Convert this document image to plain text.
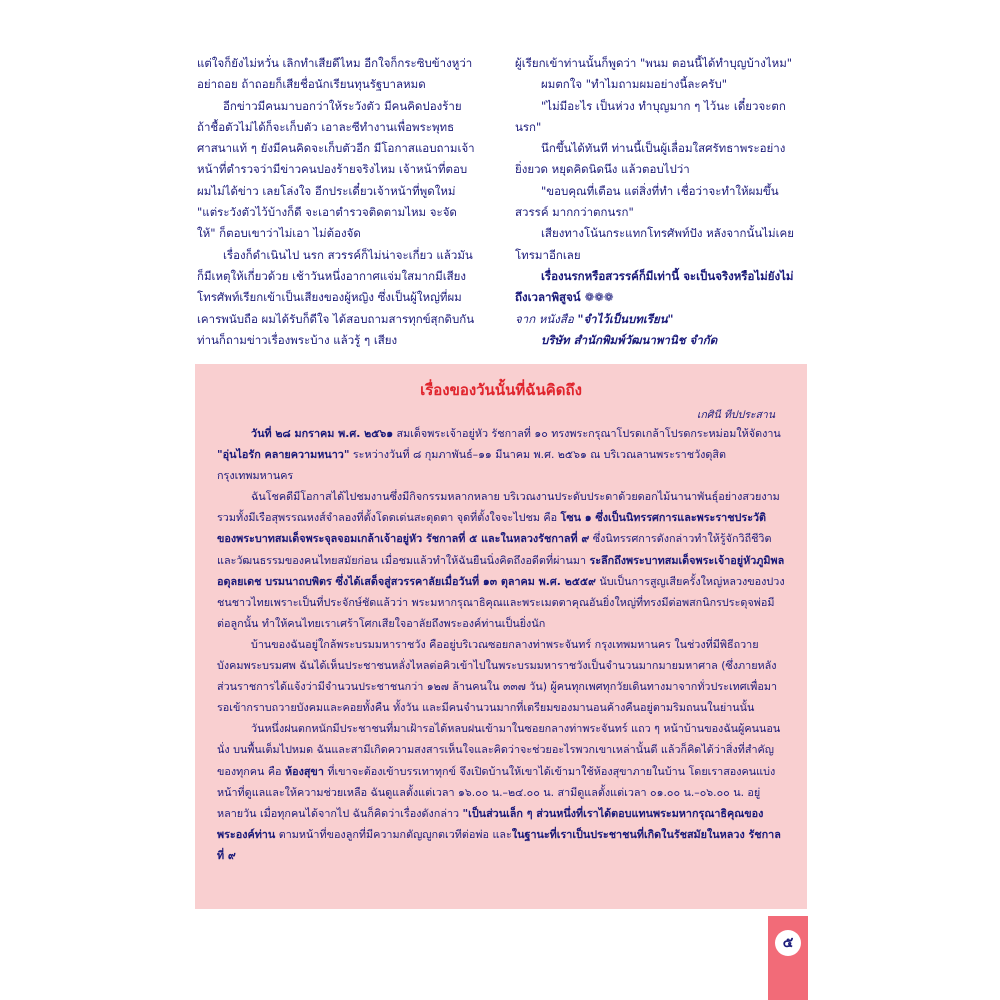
แต่ใจก็ยังไม่หวั่น เลิกทำเสียดีไหม อีกใจก็กระซิบข้างหูว่าอย่าถอย ถ้าถอยก็เสียชื่อนักเรียนทุนรัฐบาลหมด

อีกข่าวมีคนมาบอกว่าให้ระวังตัว มีคนคิดปองร้าย ถ้าชื้อตัวไม่ได้ก็จะเก็บตัว เอาละซีทำงานเพื่อพระพุทธศาสนาแท้ ๆ ยังมีคนคิดจะเก็บตัวอีก มีโอกาสแอบถามเจ้าหน้าที่ตำรวจว่ามีข่าวคนปองร้ายจริงไหม เจ้าหน้าที่ตอบผมไม่ได้ข่าว เลยโล่งใจ อีกประเดี๋ยวเจ้าหน้าที่พูดใหม่ "แต่ระวังตัวไว้บ้างก็ดี จะเอาตำรวจติดตามไหม จะจัดให้" ก็ตอบเขาว่าไม่เอา ไม่ต้องจัด

เรื่องก็ดำเนินไป นรก สวรรค์ก็ไม่น่าจะเกี่ยว แล้วมันก็มีเหตุให้เกี่ยวด้วย เช้าวันหนึ่งอากาศแจ่มใสมากมีเสียงโทรศัพท์เรียกเข้าเป็นเสียงของผู้หญิง ซึ่งเป็นผู้ใหญ่ที่ผมเคารพนับถือ ผมได้รับก็ดีใจ ได้สอบถามสารทุกข์สุกดิบกัน ท่านก็ถามข่าวเรื่องพระบ้าง แล้วรู้ ๆ เสียง

ผู้เรียกเข้าท่านนั้นก็พูดว่า "พนม ตอนนี้ได้ทำบุญบ้างไหม"

ผมตกใจ "ทำไมถามผมอย่างนี้ละครับ"

"ไม่มีอะไร เป็นห่วง ทำบุญมาก ๆ ไว้นะ เดี๋ยวจะตกนรก"

นึกขึ้นได้ทันที ท่านนี้เป็นผู้เลื่อมใสศรัทธาพระอย่างยิ่งยวด หยุดคิดนิดนึง แล้วตอบไปว่า

"ขอบคุณที่เตือน แต่สิ่งที่ทำ เชื่อว่าจะทำให้ผมขึ้นสวรรค์ มากกว่าตกนรก"

เสียงทางโน้นกระแทกโทรศัพท์ปัง หลังจากนั้นไม่เคยโทรมาอีกเลย

เรื่องนรกหรือสวรรค์ก็มีเท่านี้ จะเป็นจริงหรือไม่ยังไม่ถึงเวลาพิสูจน์ ❁❁❁

จาก หนังสือ "จำไว้เป็นบทเรียน"

บริษัท สำนักพิมพ์วัฒนาพานิช จำกัด

เรื่องของวันนั้นที่ฉันคิดถึง
เกศินี ทีปประสาน

วันที่ ๒๘ มกราคม พ.ศ. ๒๕๖๑ สมเด็จพระเจ้าอยู่หัว รัชกาลที่ ๑๐ ทรงพระกรุณาโปรดเกล้าโปรดกระหม่อมให้จัดงาน "อุ่นไอรัก คลายความหนาว" ระหว่างวันที่ ๘ กุมภาพันธ์–๑๑ มีนาคม พ.ศ. ๒๕๖๑ ณ บริเวณลานพระราชวังดุสิต กรุงเทพมหานคร

ฉันโชคดีมีโอกาสได้ไปชมงานซึ่งมีกิจกรรมหลากหลาย บริเวณงานประดับประดาด้วยดอกไม้นานาพันธุ์อย่างสวยงาม รวมทั้งมีเรือสุพรรณหงส์จำลองที่ตั้งโดดเด่นสะดุดตา จุดที่ตั้งใจจะไปชม คือ โซน ๑ ซึ่งเป็นนิทรรศการและพระราชประวัติของพระบาทสมเด็จพระจุลจอมเกล้าเจ้าอยู่หัว รัชกาลที่ ๕ และในหลวงรัชกาลที่ ๙ ซึ่งนิทรรศการดังกล่าวทำให้รู้จักวิถีชีวิตและวัฒนธรรมของคนไทยสมัยก่อน เมื่อชมแล้วทำให้ฉันยืนนิ่งคิดถึงอดีตที่ผ่านมา ระลึกถึงพระบาทสมเด็จพระเจ้าอยู่หัวภูมิพลอดุลยเดช บรมนาถบพิตร ซึ่งได้เสด็จสู่สวรรคาลัยเมื่อวันที่ ๑๓ ตุลาคม พ.ศ. ๒๕๕๙ นับเป็นการสูญเสียครั้งใหญ่หลวงของปวงชนชาวไทยเพราะเป็นที่ประจักษ์ชัดแล้วว่า พระมหากรุณาธิคุณและพระเมตตาคุณอันยิ่งใหญ่ที่ทรงมีต่อพสกนิกรประดุจพ่อมีต่อลูกนั้น ทำให้คนไทยเราเศร้าโศกเสียใจอาลัยถึงพระองค์ท่านเป็นยิ่งนัก

บ้านของฉันอยู่ใกล้พระบรมมหาราชวัง คืออยู่บริเวณซอยกลางท่าพระจันทร์ กรุงเทพมหานคร ในช่วงที่มีพิธีถวายบังคมพระบรมศพ ฉันได้เห็นประชาชนหลั่งไหลต่อคิวเข้าไปในพระบรมมหาราชวังเป็นจำนวนมากมายมหาศาล (ซึ่งภายหลังส่วนราชการได้แจ้งว่ามีจำนวนประชาชนกว่า ๑๒๗ ล้านคนใน ๓๓๗ วัน) ผู้คนทุกเพศทุกวัยเดินทางมาจากทั่วประเทศเพื่อมารอเข้ากราบถวายบังคมและคอยทั้งคืน ทั้งวัน และมีคนจำนวนมากที่เตรียมของมานอนค้างคืนอยู่ตามริมถนนในย่านนั้น

วันหนึ่งฝนตกหนักมีประชาชนที่มาเฝ้ารอได้หลบฝนเข้ามาในซอยกลางท่าพระจันทร์ แถว ๆ หน้าบ้านของฉันผู้คนนอน นั่ง บนพื้นเต็มไปหมด ฉันและสามีเกิดความสงสารเห็นใจและคิดว่าจะช่วยอะไรพวกเขาเหล่านั้นดี แล้วก็คิดได้ว่าสิ่งที่สำคัญของทุกคน คือ ห้องสุขา ที่เขาจะต้องเข้าบรรเทาทุกข์ จึงเปิดบ้านให้เขาได้เข้ามาใช้ห้องสุขาภายในบ้าน โดยเราสองคนแบ่งหน้าที่ดูแลและให้ความช่วยเหลือ ฉันดูแลตั้งแต่เวลา ๑๖.๐๐ น.–๒๔.๐๐ น. สามีดูแลตั้งแต่เวลา ๐๑.๐๐ น.–๐๖.๐๐ น. อยู่หลายวัน เมื่อทุกคนได้จากไป ฉันก็คิดว่าเรื่องดังกล่าว "เป็นส่วนเล็ก ๆ ส่วนหนึ่งที่เราได้ตอบแทนพระมหากรุณาธิคุณของพระองค์ท่าน ตามหน้าที่ของลูกที่มีความกตัญญูกตเวทีต่อพ่อ และในฐานะที่เราเป็นประชาชนที่เกิดในรัชสมัยในหลวง รัชกาลที่ ๙

๕
